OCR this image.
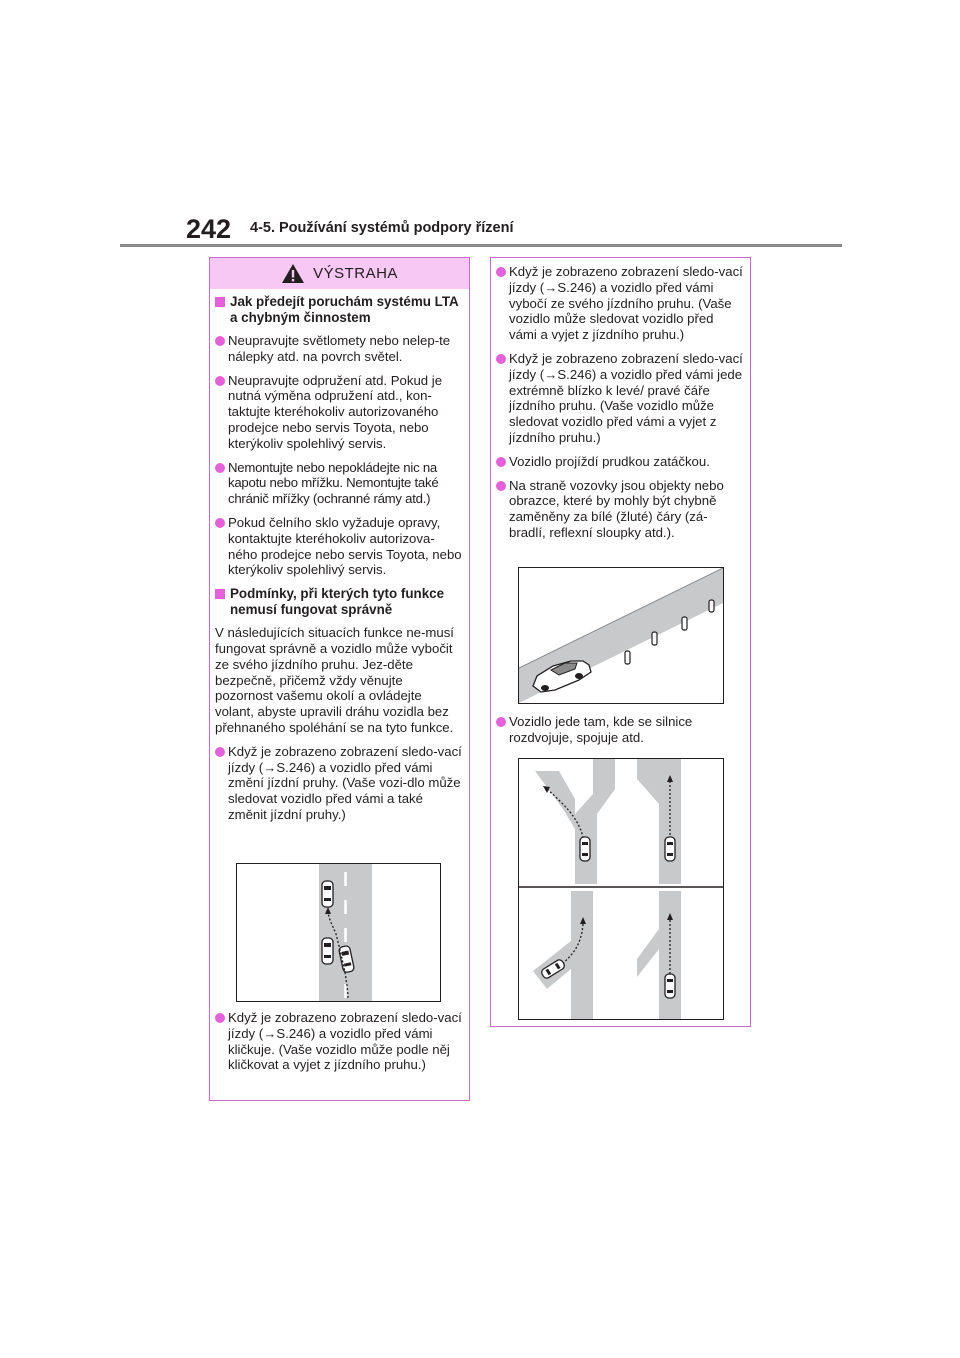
242 4-5. Používání systémů podpory řízení
VÝSTRAHA
Jak předejít poruchám systému LTA a chybným činnostem
Neupravujte světlomety nebo nelep-te nálepky atd. na povrch světel.
Neupravujte odpružení atd. Pokud je nutná výměna odpružení atd., kon-taktujte kteréhokoliv autorizovaného prodejce nebo servis Toyota, nebo kterýkoliv spolehlivý servis.
Nemontujte nebo nepokládejte nic na kapotu nebo mřížku. Nemontujte také chránič mřížky (ochranné rámy atd.)
Pokud čelního sklo vyžaduje opravy, kontaktujte kteréhokoliv autorizova-ného prodejce nebo servis Toyota, nebo kterýkoliv spolehlivý servis.
Podmínky, při kterých tyto funkce nemusí fungovat správně
V následujících situacích funkce ne-musí fungovat správně a vozidlo může vybočit ze svého jízdního pruhu. Jez-děte bezpečně, přičemž vždy věnujte pozornost vašemu okolí a ovládejte volant, abyste upravili dráhu vozidla bez přehnaného spoléhání se na tyto funkce.
Když je zobrazeno zobrazení sledo-vací jízdy (→S.246) a vozidlo před vámi změní jízdní pruhy. (Vaše vozi-dlo může sledovat vozidlo před vámi a také změnit jízdní pruhy.)
Když je zobrazeno zobrazení sledo-vací jízdy (→S.246) a vozidlo před vámi kličkuje. (Vaše vozidlo může podle něj kličkovat a vyjet z jízdního pruhu.)
Když je zobrazeno zobrazení sledo-vací jízdy (→S.246) a vozidlo před vámi vybočí ze svého jízdního pruhu. (Vaše vozidlo může sledovat vozidlo před vámi a vyjet z jízdního pruhu.)
Když je zobrazeno zobrazení sledo-vací jízdy (→S.246) a vozidlo před vámi jede extrémně blízko k levé/ pravé čáře jízdního pruhu. (Vaše vozidlo může sledovat vozidlo před vámi a vyjet z jízdního pruhu.)
Vozidlo projíždí prudkou zatáčkou.
Na straně vozovky jsou objekty nebo obrazce, které by mohly být chybně zaměněny za bílé (žluté) čáry (zá-bradlí, reflexní sloupky atd.).
Vozidlo jede tam, kde se silnice rozdvojuje, spojuje atd.
